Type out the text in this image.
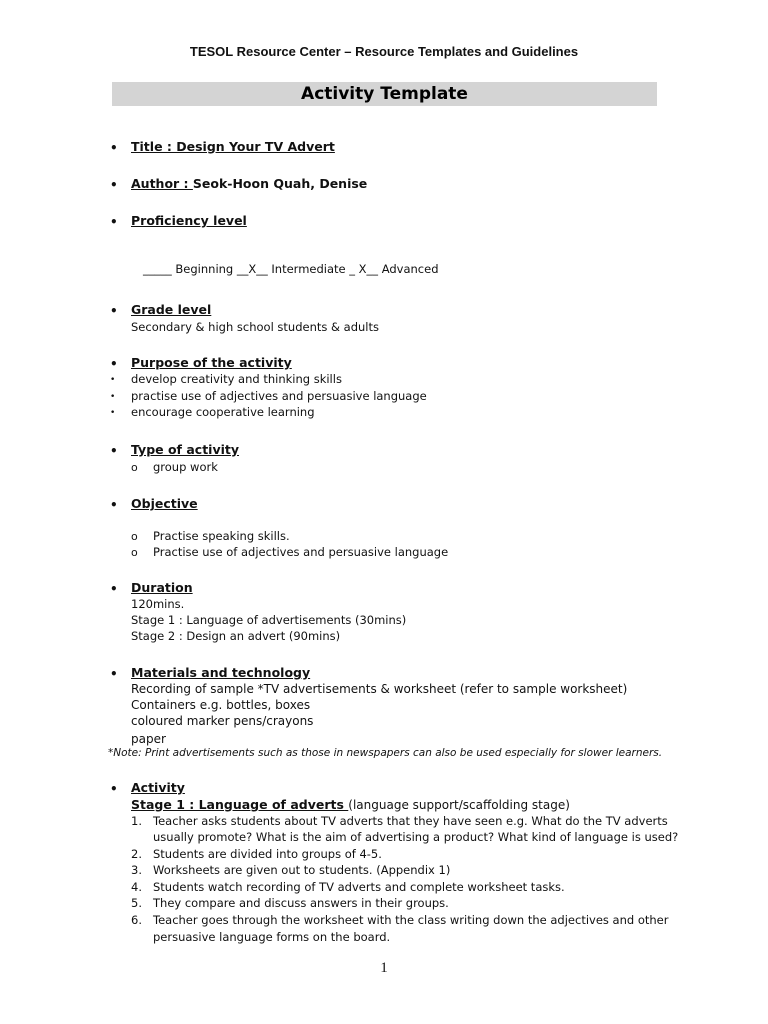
TESOL Resource Center – Resource Templates and Guidelines
Activity Template
• Title : Design Your TV Advert
• Author : Seok-Hoon Quah, Denise
• Proficiency level
_____ Beginning __X__ Intermediate _ X__ Advanced
• Grade level
Secondary & high school students & adults
• Purpose of the activity
• develop creativity and thinking skills
• practise use of adjectives and persuasive language
• encourage cooperative learning
• Type of activity
o group work
• Objective
o Practise speaking skills.
o Practise use of adjectives and persuasive language
• Duration
120mins.
Stage 1 : Language of advertisements (30mins)
Stage 2 : Design an advert (90mins)
• Materials and technology
Recording of sample *TV advertisements & worksheet (refer to sample worksheet)
Containers e.g. bottles, boxes
coloured marker pens/crayons
paper
*Note: Print advertisements such as those in newspapers can also be used especially for slower learners.
• Activity
Stage 1 : Language of adverts (language support/scaffolding stage)
1. Teacher asks students about TV adverts that they have seen e.g. What do the TV adverts
usually promote? What is the aim of advertising a product? What kind of language is used?
2. Students are divided into groups of 4-5.
3. Worksheets are given out to students. (Appendix 1)
4. Students watch recording of TV adverts and complete worksheet tasks.
5. They compare and discuss answers in their groups.
6. Teacher goes through the worksheet with the class writing down the adjectives and other
persuasive language forms on the board.
1
